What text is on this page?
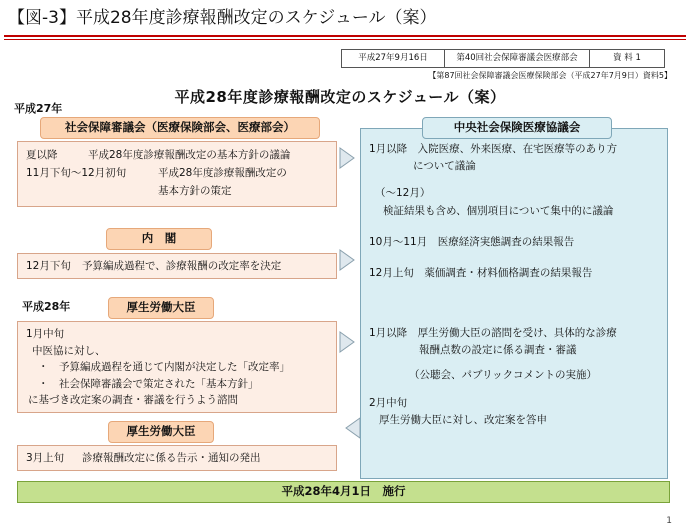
【図-3】平成28年度診療報酬改定のスケジュール（案）
平成27年9月16日	第40回社会保障審議会医療部会	資 料 1
【第87回社会保障審議会医療保険部会（平成27年7月9日）資料5】
平成28年度診療報酬改定のスケジュール（案）
平成27年
社会保障審議会（医療保険部会、医療部会）
夏以降	平成28年度診療報酬改定の基本方針の議論
11月下旬～12月初旬	平成28年度診療報酬改定の
基本方針の策定
内　閣
12月下旬	予算編成過程で、診療報酬の改定率を決定
平成28年	厚生労働大臣
1月中旬
中医協に対し、
・　予算編成過程を通じて内閣が決定した「改定率」
・　社会保障審議会で策定された「基本方針」
に基づき改定案の調査・審議を行うよう諮問
厚生労働大臣
3月上旬	診療報酬改定に係る告示・通知の発出
1月以降　入院医療、外来医療、在宅医療等のあり方
について議論
（～12月）
検証結果も含め、個別項目について集中的に議論
10月～11月　医療経済実態調査の結果報告
12月上旬　薬価調査・材料価格調査の結果報告
1月以降　厚生労働大臣の諮問を受け、具体的な診療
報酬点数の設定に係る調査・審議
（公聴会、パブリックコメントの実施）
2月中旬
厚生労働大臣に対し、改定案を答申
中央社会保険医療協議会
平成28年4月1日　施行
1
